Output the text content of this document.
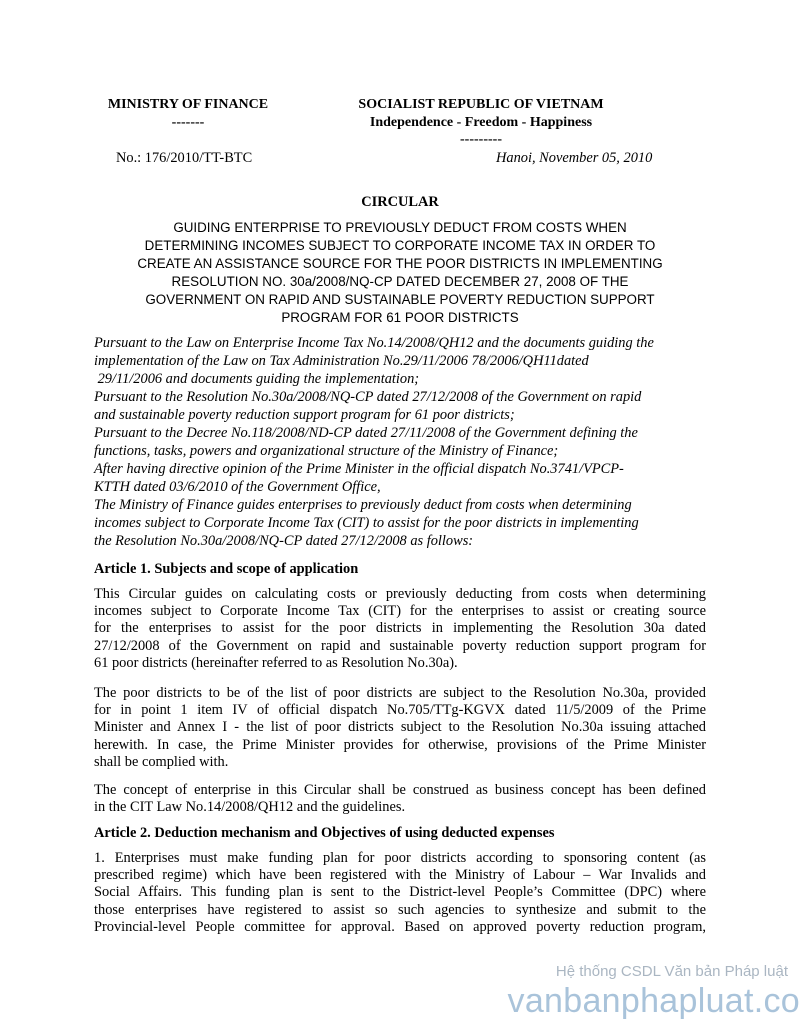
MINISTRY OF FINANCE
-------
SOCIALIST REPUBLIC OF VIETNAM
Independence - Freedom - Happiness
---------
No.: 176/2010/TT-BTC	Hanoi, November 05, 2010
CIRCULAR
GUIDING ENTERPRISE TO PREVIOUSLY DEDUCT FROM COSTS WHEN
DETERMINING INCOMES SUBJECT TO CORPORATE INCOME TAX IN ORDER TO
CREATE AN ASSISTANCE SOURCE FOR THE POOR DISTRICTS IN IMPLEMENTING
RESOLUTION NO. 30a/2008/NQ-CP DATED DECEMBER 27, 2008 OF THE
GOVERNMENT ON RAPID AND SUSTAINABLE POVERTY REDUCTION SUPPORT
PROGRAM FOR 61 POOR DISTRICTS
Pursuant to the Law on Enterprise Income Tax No.14/2008/QH12 and the documents guiding the
implementation of the Law on Tax Administration No.29/11/2006 78/2006/QH11dated
29/11/2006 and documents guiding the implementation;
Pursuant to the Resolution No.30a/2008/NQ-CP dated 27/12/2008 of the Government on rapid
and sustainable poverty reduction support program for 61 poor districts;
Pursuant to the Decree No.118/2008/ND-CP dated 27/11/2008 of the Government defining the
functions, tasks, powers and organizational structure of the Ministry of Finance;
After having directive opinion of the Prime Minister in the official dispatch No.3741/VPCP-
KTTH dated 03/6/2010 of the Government Office,
The Ministry of Finance guides enterprises to previously deduct from costs when determining
incomes subject to Corporate Income Tax (CIT) to assist for the poor districts in implementing
the Resolution No.30a/2008/NQ-CP dated 27/12/2008 as follows:
Article 1. Subjects and scope of application
This Circular guides on calculating costs or previously deducting from costs when determining
incomes subject to Corporate Income Tax (CIT) for the enterprises to assist or creating source
for the enterprises to assist for the poor districts in implementing the Resolution 30a dated
27/12/2008 of the Government on rapid and sustainable poverty reduction support program for
61 poor districts (hereinafter referred to as Resolution No.30a).
The poor districts to be of the list of poor districts are subject to the Resolution No.30a, provided
for in point 1 item IV of official dispatch No.705/TTg-KGVX dated 11/5/2009 of the Prime
Minister and Annex I - the list of poor districts subject to the Resolution No.30a issuing attached
herewith. In case, the Prime Minister provides for otherwise, provisions of the Prime Minister
shall be complied with.
The concept of enterprise in this Circular shall be construed as business concept has been defined
in the CIT Law No.14/2008/QH12 and the guidelines.
Article 2. Deduction mechanism and Objectives of using deducted expenses
1. Enterprises must make funding plan for poor districts according to sponsoring content (as
prescribed regime) which have been registered with the Ministry of Labour – War Invalids and
Social Affairs. This funding plan is sent to the District-level People’s Committee (DPC) where
those enterprises have registered to assist so such agencies to synthesize and submit to the
Provincial-level People committee for approval. Based on approved poverty reduction program,
Hệ thống CSDL Văn bản Pháp luật
vanbanphapluat.co
